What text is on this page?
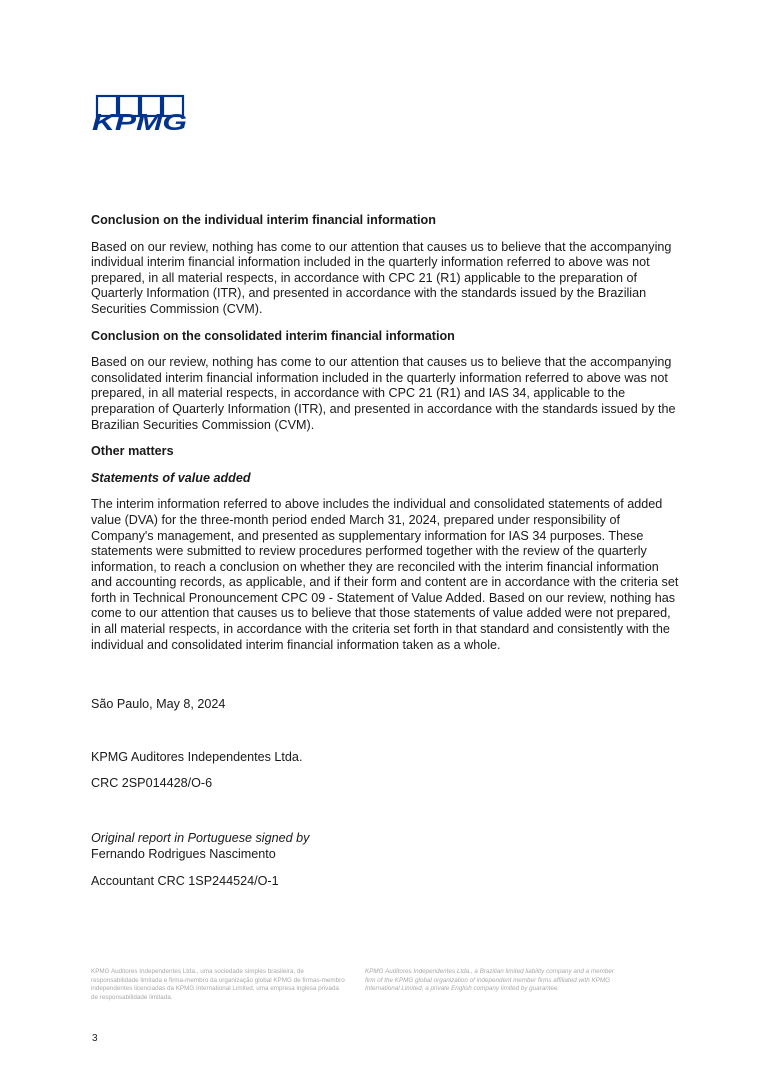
KPMG
Conclusion on the individual interim financial information
Based on our review, nothing has come to our attention that causes us to believe that the accompanying individual interim financial information included in the quarterly information referred to above was not prepared, in all material respects, in accordance with CPC 21 (R1) applicable to the preparation of Quarterly Information (ITR), and presented in accordance with the standards issued by the Brazilian Securities Commission (CVM).
Conclusion on the consolidated interim financial information
Based on our review, nothing has come to our attention that causes us to believe that the accompanying consolidated interim financial information included in the quarterly information referred to above was not prepared, in all material respects, in accordance with CPC 21 (R1) and IAS 34, applicable to the preparation of Quarterly Information (ITR), and presented in accordance with the standards issued by the Brazilian Securities Commission (CVM).
Other matters
Statements of value added
The interim information referred to above includes the individual and consolidated statements of added value (DVA) for the three-month period ended March 31, 2024, prepared under responsibility of Company's management, and presented as supplementary information for IAS 34 purposes. These statements were submitted to review procedures performed together with the review of the quarterly information, to reach a conclusion on whether they are reconciled with the interim financial information and accounting records, as applicable, and if their form and content are in accordance with the criteria set forth in Technical Pronouncement CPC 09 - Statement of Value Added. Based on our review, nothing has come to our attention that causes us to believe that those statements of value added were not prepared, in all material respects, in accordance with the criteria set forth in that standard and consistently with the individual and consolidated interim financial information taken as a whole.
São Paulo, May 8, 2024
KPMG Auditores Independentes Ltda.
CRC 2SP014428/O-6
Original report in Portuguese signed by
Fernando Rodrigues Nascimento
Accountant CRC 1SP244524/O-1
KPMG Auditores Independentes Ltda., uma sociedade simples brasileira, de responsabilidade limitada e firma-membro da organização global KPMG de firmas-membro independentes licenciadas da KPMG International Limited, uma empresa inglesa privada de responsabilidade limitada.
KPMG Auditores Independentes Ltda., a Brazilian limited liability company and a member firm of the KPMG global organization of independent member firms affiliated with KPMG International Limited, a private English company limited by guarantee.
3
